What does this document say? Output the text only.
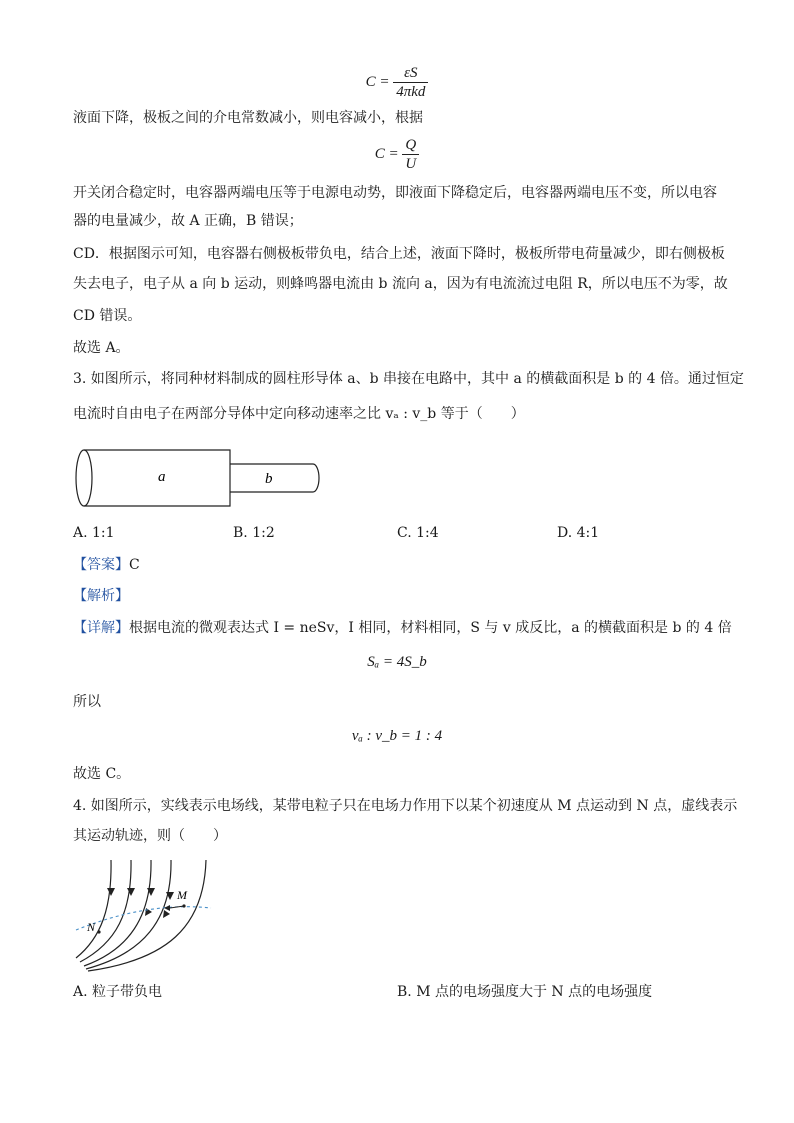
$C = \frac{\varepsilon S}{\text{4πkd}}$
液面下降，极板之间的介电常数减小，则电容减小，根据
$C = \frac{Q}{U}$
开关闭合稳定时，电容器两端电压等于电源电动势，即液面下降稳定后，电容器两端电压不变，所以电容
器的电量减少，故 A 正确，B 错误；
CD．根据图示可知，电容器右侧极板带负电，结合上述，液面下降时，极板所带电荷量减少，即右侧极板
失去电子，电子从 a 向 b 运动，则蜂鸣器电流由 b 流向 a，因为有电流流过电阻 R，所以电压不为零，故
CD 错误。
故选 A。
3. 如图所示，将同种材料制成的圆柱形导体 a、b 串接在电路中，其中 a 的横截面积是 b 的 4 倍。通过恒定
电流时自由电子在两部分导体中定向移动速率之比 vₐ : v_b 等于（　　）
a	b
A. 1:1	B. 1:2	C. 1:4	D. 4:1
【答案】C
【解析】
【详解】根据电流的微观表达式 I = neSv，I 相同，材料相同，S 与 v 成反比，a 的横截面积是 b 的 4 倍
Sₐ = 4S_b
所以
vₐ : v_b = 1 : 4
故选 C。
4. 如图所示，实线表示电场线，某带电粒子只在电场力作用下以某个初速度从 M 点运动到 N 点，虚线表示
其运动轨迹，则（　　）
M
N
A. 粒子带负电	B. M 点的电场强度大于 N 点的电场强度
